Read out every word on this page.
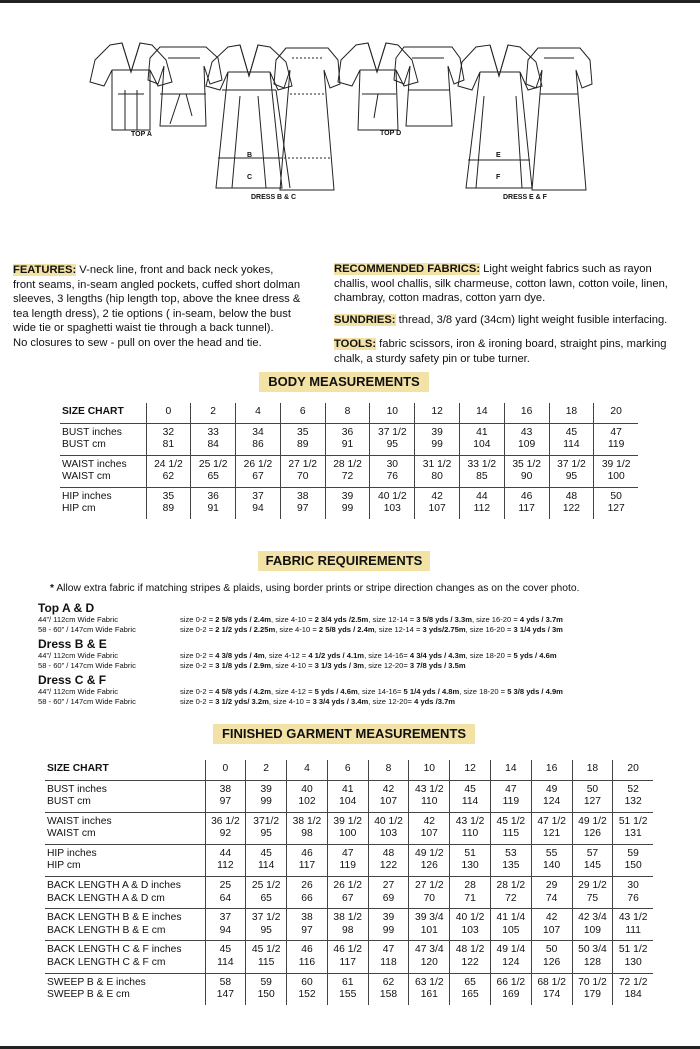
TOP A	TOP D
DRESS B & C	DRESS E & F
B
C
E
F
FEATURES: V-neck line, front and back neck yokes,
front seams, in-seam angled pockets, cuffed short dolman
sleeves, 3 lengths (hip length top, above the knee dress &
tea length dress), 2 tie options ( in-seam, below the bust
wide tie or spaghetti waist tie through a back tunnel).
No closures to sew - pull on over the head and tie.
RECOMMENDED FABRICS: Light weight fabrics such as rayon
challis, wool challis, silk charmeuse, cotton lawn, cotton voile, linen,
chambray, cotton madras, cotton yarn dye.
SUNDRIES: thread, 3/8 yard (34cm) light weight fusible interfacing.
TOOLS: fabric scissors, iron & ironing board, straight pins, marking
chalk, a sturdy safety pin or tube turner.
BODY MEASUREMENTS
SIZE CHART	0	2	4	6	8	10	12	14	16	18	20
BUST inches	32	33	34	35	36	37 1/2	39	41	43	45	47
BUST cm	81	84	86	89	91	95	99	104	109	114	119
WAIST inches	24 1/2	25 1/2	26 1/2	27 1/2	28 1/2	30	31 1/2	33 1/2	35 1/2	37 1/2	39 1/2
WAIST cm	62	65	67	70	72	76	80	85	90	95	100
HIP inches	35	36	37	38	39	40 1/2	42	44	46	48	50
HIP cm	89	91	94	97	99	103	107	112	117	122	127
FABRIC REQUIREMENTS
* Allow extra fabric if matching stripes & plaids, using border prints or stripe direction changes as on the cover photo.
Top A & D
44”/ 112cm Wide Fabric	size 0-2 = 2 5/8 yds / 2.4m, size 4-10 = 2 3/4 yds /2.5m, size 12-14 = 3 5/8 yds / 3.3m, size 16-20 = 4 yds / 3.7m
58 - 60” / 147cm Wide Fabric	size 0-2 = 2 1/2 yds / 2.25m, size 4-10 = 2 5/8 yds / 2.4m, size 12-14 = 3 yds/2.75m, size 16-20 = 3 1/4 yds / 3m
Dress B & E
44”/ 112cm Wide Fabric	size 0-2 = 4 3/8 yds / 4m, size 4-12 = 4 1/2 yds / 4.1m, size 14-16= 4 3/4 yds / 4.3m, size 18-20 = 5 yds / 4.6m
58 - 60” / 147cm Wide Fabric	size 0-2 = 3 1/8 yds / 2.9m, size 4-10 = 3 1/3 yds / 3m, size 12-20= 3 7/8 yds / 3.5m
Dress C & F
44”/ 112cm Wide Fabric	size 0-2 = 4 5/8 yds / 4.2m, size 4-12 = 5 yds / 4.6m, size 14-16= 5 1/4 yds / 4.8m, size 18-20 = 5 3/8 yds / 4.9m
58 - 60” / 147cm Wide Fabric	size 0-2 = 3 1/2 yds/ 3.2m, size 4-10 = 3 3/4 yds / 3.4m, size 12-20= 4 yds /3.7m
FINISHED GARMENT MEASUREMENTS
SIZE CHART	0	2	4	6	8	10	12	14	16	18	20
BUST inches	38	39	40	41	42	43 1/2	45	47	49	50	52
BUST cm	97	99	102	104	107	110	114	119	124	127	132
WAIST inches	36 1/2	371/2	38 1/2	39 1/2	40 1/2	42	43 1/2	45 1/2	47 1/2	49 1/2	51 1/2
WAIST cm	92	95	98	100	103	107	110	115	121	126	131
HIP inches	44	45	46	47	48	49 1/2	51	53	55	57	59
HIP cm	112	114	117	119	122	126	130	135	140	145	150
BACK LENGTH A & D inches	25	25 1/2	26	26 1/2	27	27 1/2	28	28 1/2	29	29 1/2	30
BACK LENGTH A & D cm	64	65	66	67	69	70	71	72	74	75	76
BACK LENGTH B & E inches	37	37 1/2	38	38 1/2	39	39 3/4	40 1/2	41 1/4	42	42 3/4	43 1/2
BACK LENGTH B & E cm	94	95	97	98	99	101	103	105	107	109	111
BACK LENGTH C & F inches	45	45 1/2	46	46 1/2	47	47 3/4	48 1/2	49 1/4	50	50 3/4	51 1/2
BACK LENGTH C & F cm	114	115	116	117	118	120	122	124	126	128	130
SWEEP B & E inches	58	59	60	61	62	63 1/2	65	66 1/2	68 1/2	70 1/2	72 1/2
SWEEP B & E cm	147	150	152	155	158	161	165	169	174	179	184
